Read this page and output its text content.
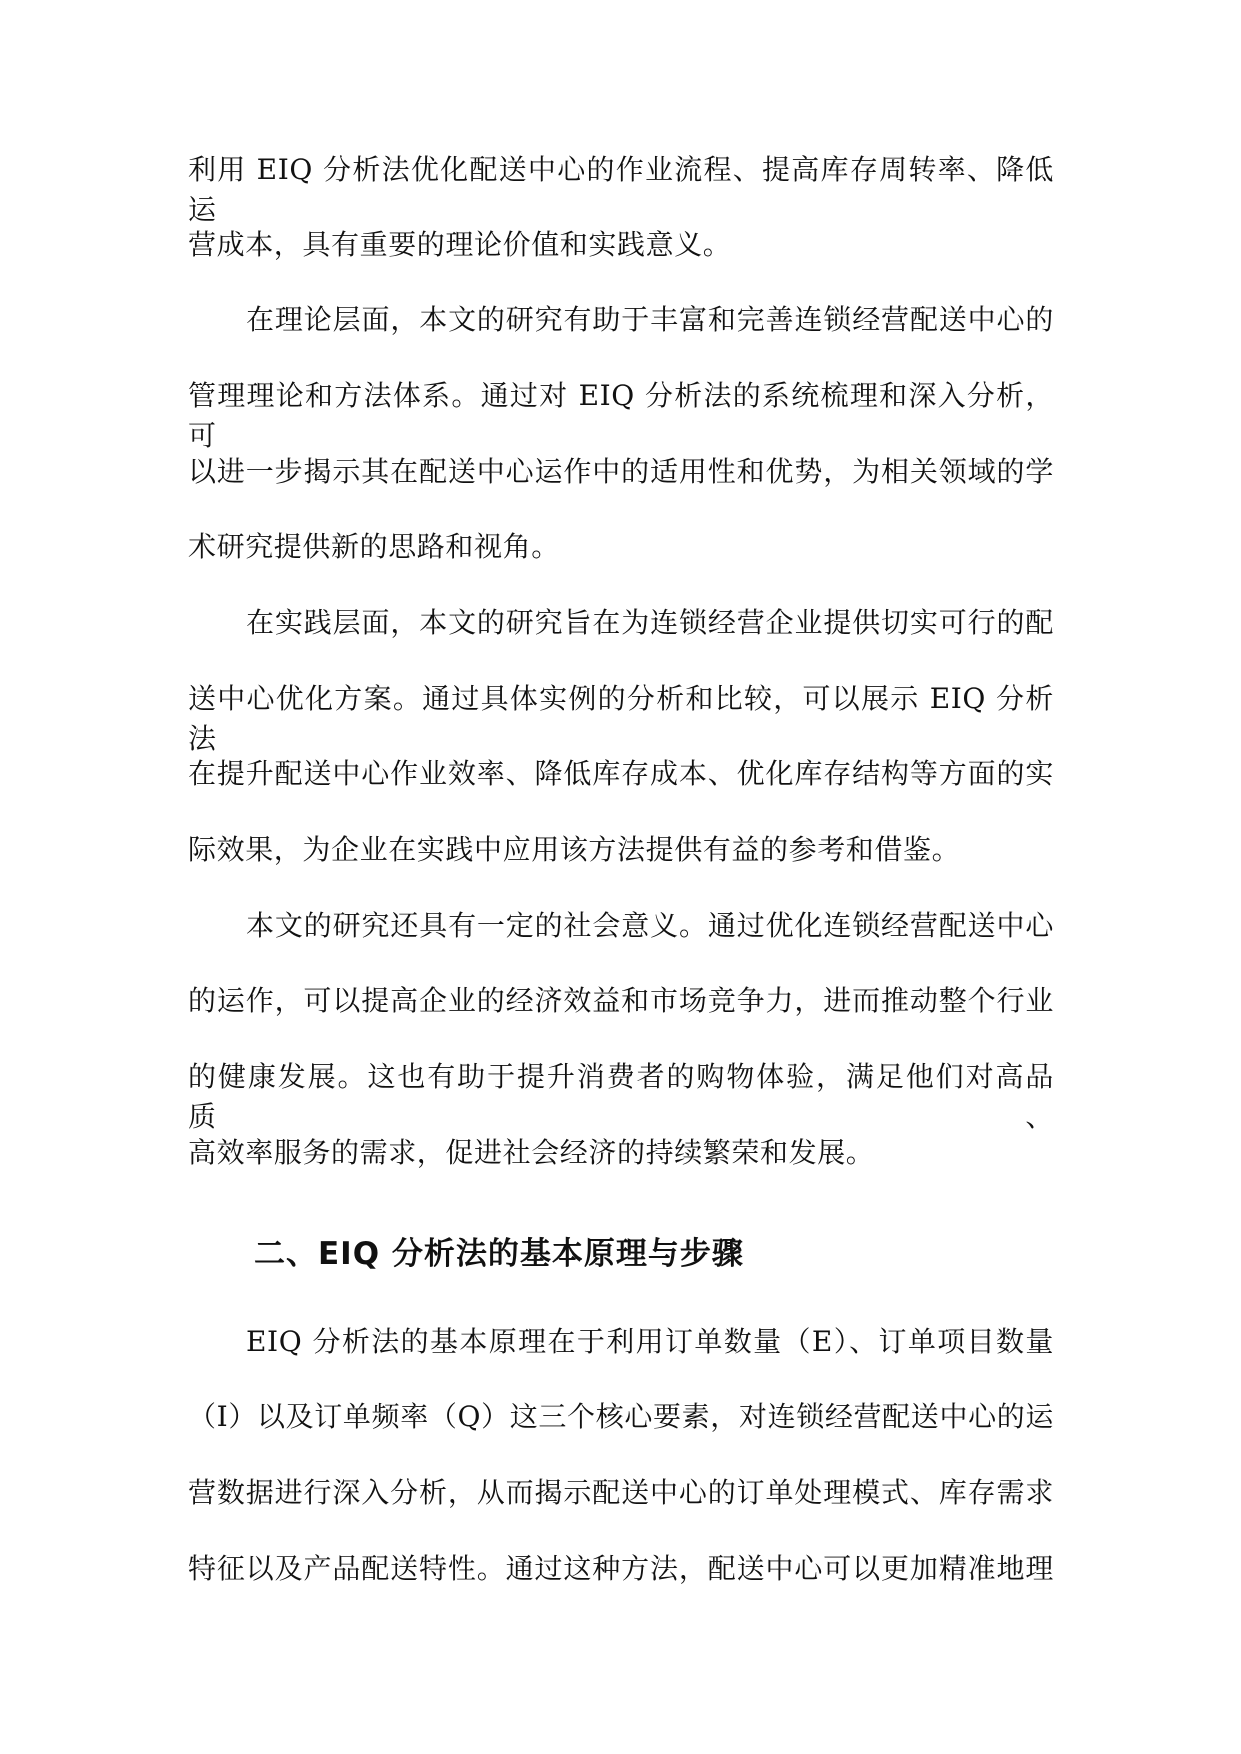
利用 EIQ 分析法优化配送中心的作业流程、提高库存周转率、降低运
营成本，具有重要的理论价值和实践意义。
在理论层面，本文的研究有助于丰富和完善连锁经营配送中心的
管理理论和方法体系。通过对 EIQ 分析法的系统梳理和深入分析，可
以进一步揭示其在配送中心运作中的适用性和优势，为相关领域的学
术研究提供新的思路和视角。
在实践层面，本文的研究旨在为连锁经营企业提供切实可行的配
送中心优化方案。通过具体实例的分析和比较，可以展示 EIQ 分析法
在提升配送中心作业效率、降低库存成本、优化库存结构等方面的实
际效果，为企业在实践中应用该方法提供有益的参考和借鉴。
本文的研究还具有一定的社会意义。通过优化连锁经营配送中心
的运作，可以提高企业的经济效益和市场竞争力，进而推动整个行业
的健康发展。这也有助于提升消费者的购物体验，满足他们对高品质、
高效率服务的需求，促进社会经济的持续繁荣和发展。
二、EIQ 分析法的基本原理与步骤
EIQ 分析法的基本原理在于利用订单数量（E）、订单项目数量
（I）以及订单频率（Q）这三个核心要素，对连锁经营配送中心的运
营数据进行深入分析，从而揭示配送中心的订单处理模式、库存需求
特征以及产品配送特性。通过这种方法，配送中心可以更加精准地理
